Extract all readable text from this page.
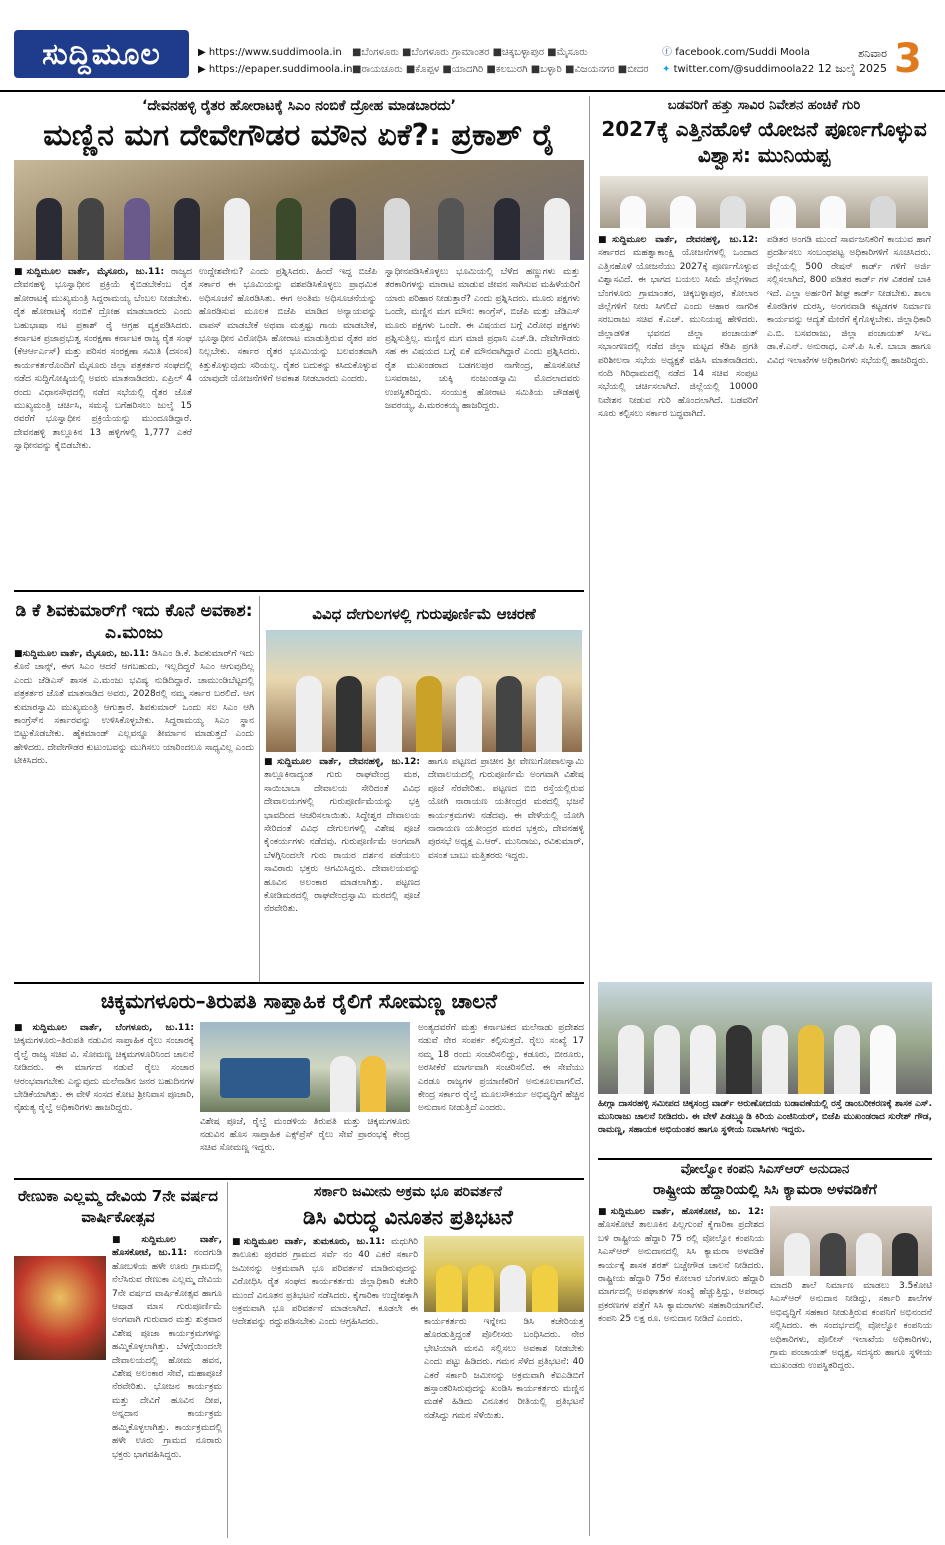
ಸುದ್ದಿಮೂಲ	▶ https://www.suddimoola.in
▶ https://epaper.suddimoola.in
■ಬೆಂಗಳೂರು ■ಬೆಂಗಳೂರು ಗ್ರಾಮಾಂತರ ■ಚಿಕ್ಕಬಳ್ಳಾಪುರ ■ಮೈಸೂರು
■ರಾಯಚೂರು ■ಕೊಪ್ಪಳ ■ಯಾದಗಿರಿ ■ಕಲಬುರಗಿ ■ಬಳ್ಳಾರಿ ■ವಿಜಯನಗರ ■ಬೀದರ
ⓕ facebook.com/Suddi Moola
✦ twitter.com/@suddimoola22
ಶನಿವಾರ
12 ಜುಲೈ 2025 3
‘ದೇವನಹಳ್ಳಿ ರೈತರ ಹೋರಾಟಕ್ಕೆ ಸಿಎಂ ನಂಬಿಕೆ ದ್ರೋಹ ಮಾಡಬಾರದು’
ಮಣ್ಣಿನ ಮಗ ದೇವೇಗೌಡರ ಮೌನ ಏಕೆ?: ಪ್ರಕಾಶ್ ರೈ
■ಸುದ್ದಿಮೂಲ ವಾರ್ತೆ, ಮೈಸೂರು, ಜು.11: ರಾಜ್ಯದ ದೇವನಹಳ್ಳಿ ಭೂಸ್ವಾಧೀನ ಪ್ರಕ್ರಿಯೆ ಕೈಬಿಡಬೇಕೆಂಬ ರೈತ ಹೋರಾಟಕ್ಕೆ ಮುಖ್ಯಮಂತ್ರಿ ಸಿದ್ದರಾಮಯ್ಯ ಬೆಂಬಲ ನೀಡಬೇಕು. ರೈತ ಹೋರಾಟಕ್ಕೆ ನಂಬಿಕೆ ದ್ರೋಹ ಮಾಡಬಾರದು ಎಂದು ಬಹುಭಾಷಾ ನಟ ಪ್ರಕಾಶ್ ರೈ ಆಗ್ರಹ ವ್ಯಕ್ತಪಡಿಸಿದರು. ಕರ್ನಾಟಕ ಪ್ರಜಾಪ್ರಭುತ್ವ ಸಂರಕ್ಷಣಾ ಕರ್ನಾಟಕ ರಾಜ್ಯ ರೈತ ಸಂಘ (ಕೆಆರ್ಆರ್ಎಸ್) ಮತ್ತು ಪರಿಸರ ಸಂರಕ್ಷಣಾ ಸಮಿತಿ (ದಸಂಸ) ಕಾರ್ಯಕರ್ತರೊಂದಿಗೆ ಮೈಸೂರು ಜಿಲ್ಲಾ ಪತ್ರಕರ್ತರ ಸಂಘದಲ್ಲಿ ನಡೆದ ಸುದ್ದಿಗೋಷ್ಠಿಯಲ್ಲಿ ಅವರು ಮಾತನಾಡಿದರು. ಏಪ್ರಿಲ್ 4 ರಂದು ವಿಧಾನಸೌಧದಲ್ಲಿ ನಡೆದ ಸಭೆಯಲ್ಲಿ ರೈತರ ಜೊತೆ ಮುಖ್ಯಮಂತ್ರಿ ಚರ್ಚಿಸಿ, ಸಮಸ್ಯೆ ಬಗೆಹರಿಸಲು ಜುಲೈ 15 ರವರೆಗೆ ಭೂಸ್ವಾಧೀನ ಪ್ರಕ್ರಿಯೆಯನ್ನು ಮುಂದೂಡಿದ್ದಾರೆ. ದೇವನಹಳ್ಳಿ ತಾಲ್ಲೂಕಿನ 13 ಹಳ್ಳಿಗಳಲ್ಲಿ 1,777 ಎಕರೆ ಸ್ವಾಧೀನವನ್ನು ಕೈಬಿಡಬೇಕು.
ಉದ್ದೇಶವೇನು? ಎಂದು ಪ್ರಶ್ನಿಸಿದರು. ಹಿಂದೆ ಇದ್ದ ಬಿಜೆಪಿ ಸರ್ಕಾರ ಈ ಭೂಮಿಯನ್ನು ವಶಪಡಿಸಿಕೊಳ್ಳಲು ಪ್ರಾಥಮಿಕ ಅಧಿಸೂಚನೆ ಹೊರಡಿಸಿತು. ಈಗ ಅಂತಿಮ ಅಧಿಸೂಚನೆಯನ್ನು ಹೊರಡಿಸುವ ಮೂಲಕ ಬಿಜೆಪಿ ಮಾಡಿದ ಅನ್ಯಾಯವನ್ನು ವಾಪಸ್ ಮಾಡಬೇಕೆ ಅಥವಾ ಮತ್ತಷ್ಟು ಗಾಯ ಮಾಡಬೇಕೆ, ಭೂಸ್ವಾಧೀನ ವಿರೋಧಿಸಿ ಹೋರಾಟ ಮಾಡುತ್ತಿರುವ ರೈತರ ಪರ ನಿಲ್ಲಬೇಕು. ಸರ್ಕಾರ ರೈತರ ಭೂಮಿಯನ್ನು ಬಲವಂತವಾಗಿ ಕಿತ್ತುಕೊಳ್ಳುವುದು ಸರಿಯಲ್ಲ. ರೈತರ ಬದುಕನ್ನು ಕಸಿದುಕೊಳ್ಳುವ ಯಾವುದೇ ಯೋಜನೆಗಳಿಗೆ ಅವಕಾಶ ನೀಡಬಾರದು ಎಂದರು.
ಸ್ವಾಧೀನಪಡಿಸಿಕೊಳ್ಳಲು ಭೂಮಿಯಲ್ಲಿ ಬೆಳೆದ ಹಣ್ಣುಗಳು ಮತ್ತು ತರಕಾರಿಗಳನ್ನು ಮಾರಾಟ ಮಾಡುವ ಜೀವನ ಸಾಗಿಸುವ ಮಹಿಳೆಯರಿಗೆ ಯಾರು ಪರಿಹಾರ ನೀಡುತ್ತಾರೆ? ಎಂದು ಪ್ರಶ್ನಿಸಿದರು. ಮೂರು ಪಕ್ಷಗಳು ಒಂದೇ, ಮಣ್ಣಿನ ಮಗ ಮೌನ: ಕಾಂಗ್ರೆಸ್, ಬಿಜೆಪಿ ಮತ್ತು ಜೆಡಿಎಸ್ ಮೂರು ಪಕ್ಷಗಳು ಒಂದೇ. ಈ ವಿಷಯದ ಬಗ್ಗೆ ವಿರೋಧ ಪಕ್ಷಗಳು ಪ್ರಶ್ನಿಸುತ್ತಿಲ್ಲ. ಮಣ್ಣಿನ ಮಗ ಮಾಜಿ ಪ್ರಧಾನಿ ಎಚ್.ಡಿ. ದೇವೇಗೌಡರು ಸಹ ಈ ವಿಷಯದ ಬಗ್ಗೆ ಏಕೆ ಮೌನವಾಗಿದ್ದಾರೆ ಎಂದು ಪ್ರಶ್ನಿಸಿದರು. ರೈತ ಮುಖಂಡರಾದ ಬಡಗಲಪುರ ನಾಗೇಂದ್ರ, ಹೊಸಕೋಟೆ ಬಸವರಾಜು, ಚುಕ್ಕಿ ನಂಜುಂಡಸ್ವಾಮಿ ಮೊದಲಾದವರು ಉಪಸ್ಥಿತರಿದ್ದರು. ಸಂಯುಕ್ತ ಹೋರಾಟ ಸಮಿತಿಯ ಚೌಡಹಳ್ಳಿ ಜವರಯ್ಯ, ಪಿ.ಮರಂಕಯ್ಯ ಹಾಜರಿದ್ದರು.
ಬಡವರಿಗೆ ಹತ್ತು ಸಾವಿರ ನಿವೇಶನ ಹಂಚಿಕೆ ಗುರಿ
2027ಕ್ಕೆ ಎತ್ತಿನಹೊಳೆ ಯೋಜನೆ ಪೂರ್ಣಗೊಳ್ಳುವ ವಿಶ್ವಾಸ: ಮುನಿಯಪ್ಪ
■ಸುದ್ದಿಮೂಲ ವಾರ್ತೆ, ದೇವನಹಳ್ಳಿ, ಜು.12: ಸರ್ಕಾರದ ಮಹತ್ವಾಕಾಂಕ್ಷಿ ಯೋಜನೆಗಳಲ್ಲಿ ಒಂದಾದ ಎತ್ತಿನಹೊಳೆ ಯೋಜನೆಯು 2027ಕ್ಕೆ ಪೂರ್ಣಗೊಳ್ಳುವ ವಿಶ್ವಾಸವಿದೆ. ಈ ಭಾಗದ ಬಯಲು ಸೀಮೆ ಜಿಲ್ಲೆಗಳಾದ ಬೆಂಗಳೂರು ಗ್ರಾಮಾಂತರ, ಚಿಕ್ಕಬಳ್ಳಾಪುರ, ಕೋಲಾರ ಜಿಲ್ಲೆಗಳಿಗೆ ನೀರು ಸಿಗಲಿದೆ ಎಂದು ಆಹಾರ ನಾಗರಿಕ ಸರಬರಾಜು ಸಚಿವ ಕೆ.ಎಚ್. ಮುನಿಯಪ್ಪ ಹೇಳಿದರು. ಜಿಲ್ಲಾಡಳಿತ ಭವನದ ಜಿಲ್ಲಾ ಪಂಚಾಯತ್ ಸಭಾಂಗಣದಲ್ಲಿ ನಡೆದ ಜಿಲ್ಲಾ ಮಟ್ಟದ ಕೆಡಿಪಿ ಪ್ರಗತಿ ಪರಿಶೀಲನಾ ಸಭೆಯ ಅಧ್ಯಕ್ಷತೆ ವಹಿಸಿ ಮಾತನಾಡಿದರು. ನಂದಿ ಗಿರಿಧಾಮದಲ್ಲಿ ನಡೆದ 14 ಸಚಿವ ಸಂಪುಟ ಸಭೆಯಲ್ಲಿ ಚರ್ಚಿಸಲಾಗಿದೆ. ಜಿಲ್ಲೆಯಲ್ಲಿ 10000 ನಿವೇಶನ ನೀಡುವ ಗುರಿ ಹೊಂದಲಾಗಿದೆ. ಬಡವರಿಗೆ ಸೂರು ಕಲ್ಪಿಸಲು ಸರ್ಕಾರ ಬದ್ಧವಾಗಿದೆ.
ಪಡಿತರ ಅಂಗಡಿ ಮುಂದೆ ಸಾರ್ವಜನಿಕರಿಗೆ ಕಾಯುವ ಹಾಗೆ ಪ್ರದರ್ಶಿಸಲು ಸಂಬಂಧಪಟ್ಟ ಅಧಿಕಾರಿಗಳಿಗೆ ಸೂಚಿಸಿದರು. ಜಿಲ್ಲೆಯಲ್ಲಿ 500 ರೇಷನ್ ಕಾರ್ಡ್ ಗಳಿಗೆ ಅರ್ಜಿ ಸಲ್ಲಿಸಲಾಗಿದೆ, 800 ಪಡಿತರ ಕಾರ್ಡ್ ಗಳ ವಿತರಣೆ ಬಾಕಿ ಇದೆ. ಎಲ್ಲಾ ಅರ್ಹರಿಗೆ ಶೀಘ್ರ ಕಾರ್ಡ್ ನೀಡಬೇಕು. ಶಾಲಾ ಕೊಠಡಿಗಳ ದುರಸ್ತಿ, ಅಂಗನವಾಡಿ ಕಟ್ಟಡಗಳ ನಿರ್ಮಾಣ ಕಾರ್ಯವನ್ನು ಆದ್ಯತೆ ಮೇರೆಗೆ ಕೈಗೊಳ್ಳಬೇಕು. ಜಿಲ್ಲಾಧಿಕಾರಿ ಎ.ಬಿ. ಬಸವರಾಜು, ಜಿಲ್ಲಾ ಪಂಚಾಯತ್ ಸಿಇಒ ಡಾ.ಕೆ.ಎನ್. ಅನುರಾಧ, ಎಸ್.ಪಿ ಸಿ.ಕೆ. ಬಾಬಾ ಹಾಗೂ ವಿವಿಧ ಇಲಾಖೆಗಳ ಅಧಿಕಾರಿಗಳು ಸಭೆಯಲ್ಲಿ ಹಾಜರಿದ್ದರು.
ಡಿ ಕೆ ಶಿವಕುಮಾರ್‌ಗೆ ಇದು ಕೊನೆ ಅವಕಾಶ: ಎ.ಮಂಜು
■ಸುದ್ದಿಮೂಲ ವಾರ್ತೆ, ಮೈಸೂರು, ಜು.11: ಡಿಸಿಎಂ ಡಿ.ಕೆ. ಶಿವಕುಮಾರ್‌ಗೆ ಇದು ಕೊನೆ ಚಾನ್ಸ್, ಈಗ ಸಿಎಂ ಆದರೆ ಆಗಬಹುದು, ಇಲ್ಲದಿದ್ದರೆ ಸಿಎಂ ಆಗುವುದಿಲ್ಲ ಎಂದು ಜೆಡಿಎಸ್ ಶಾಸಕ ಎ.ಮಂಜು ಭವಿಷ್ಯ ನುಡಿದಿದ್ದಾರೆ. ಚಾಮುಂಡಿಬೆಟ್ಟದಲ್ಲಿ ಪತ್ರಕರ್ತರ ಜೊತೆ ಮಾತನಾಡಿದ ಅವರು, 2028ರಲ್ಲಿ ನಮ್ಮ ಸರ್ಕಾರ ಬರಲಿದೆ. ಆಗ ಕುಮಾರಸ್ವಾಮಿ ಮುಖ್ಯಮಂತ್ರಿ ಆಗುತ್ತಾರೆ. ಶಿವಕುಮಾರ್ ಒಂದು ಸಲ ಸಿಎಂ ಆಗಿ ಕಾಂಗ್ರೆಸ್‌ನ ಸರ್ಕಾರವನ್ನು ಉಳಿಸಿಕೊಳ್ಳಬೇಕು. ಸಿದ್ದರಾಮಯ್ಯ ಸಿಎಂ ಸ್ಥಾನ ಬಿಟ್ಟುಕೊಡಬೇಕು. ಹೈಕಮಾಂಡ್ ಎಲ್ಲವನ್ನೂ ತೀರ್ಮಾನ ಮಾಡುತ್ತದೆ ಎಂದು ಹೇಳಿದರು. ದೇವೇಗೌಡರ ಕುಟುಂಬವನ್ನು ಮುಗಿಸಲು ಯಾರಿಂದಲೂ ಸಾಧ್ಯವಿಲ್ಲ ಎಂದು ಟೀಕಿಸಿದರು.
ವಿವಿಧ ದೇಗುಲಗಳಲ್ಲಿ ಗುರುಪೂರ್ಣಿಮೆ ಆಚರಣೆ
■ಸುದ್ದಿಮೂಲ ವಾರ್ತೆ, ದೇವನಹಳ್ಳಿ, ಜು.12: ತಾಲ್ಲೂಕಿನಾದ್ಯಂತ ಗುರು ರಾಘವೇಂದ್ರ ಮಠ, ಸಾಯಿಬಾಬಾ ದೇವಾಲಯ ಸೇರಿದಂತೆ ವಿವಿಧ ದೇವಾಲಯಗಳಲ್ಲಿ ಗುರುಪೂರ್ಣಿಮೆಯನ್ನು ಭಕ್ತಿ ಭಾವದಿಂದ ಆಚರಿಸಲಾಯಿತು. ಸಿದ್ಧೇಶ್ವರ ದೇವಾಲಯ ಸೇರಿದಂತೆ ವಿವಿಧ ದೇಗುಲಗಳಲ್ಲಿ ವಿಶೇಷ ಪೂಜೆ ಕೈಂಕರ್ಯಗಳು ನಡೆದವು. ಗುರುಪೂರ್ಣಿಮೆ ಅಂಗವಾಗಿ ಬೆಳಗ್ಗಿನಿಂದಲೇ ಗುರು ರಾಯರ ದರ್ಶನ ಪಡೆಯಲು ಸಾವಿರಾರು ಭಕ್ತರು ಆಗಮಿಸಿದ್ದರು. ದೇವಾಲಯವನ್ನು ಹೂವಿನ ಅಲಂಕಾರ ಮಾಡಲಾಗಿತ್ತು. ಪಟ್ಟಣದ ಕೋಡಿಮಠದಲ್ಲಿ ರಾಘವೇಂದ್ರಸ್ವಾಮಿ ಮಠದಲ್ಲಿ ಪೂಜೆ ನೆರವೇರಿತು.
ಹಾಗೂ ಪಟ್ಟಣದ ಪ್ರಾಚೀನ ಶ್ರೀ ವೇಣುಗೋಪಾಲಸ್ವಾಮಿ ದೇವಾಲಯದಲ್ಲಿ ಗುರುಪೂರ್ಣಿಮೆ ಅಂಗವಾಗಿ ವಿಶೇಷ ಪೂಜೆ ನೆರವೇರಿತು. ಪಟ್ಟಣದ ಬಿಬಿ ರಸ್ತೆಯಲ್ಲಿರುವ ಯೋಗಿ ನಾರಾಯಣ ಯತೀಂದ್ರರ ಮಠದಲ್ಲಿ ಭಜನೆ ಕಾರ್ಯಕ್ರಮಗಳು ನಡೆದವು. ಈ ವೇಳೆಯಲ್ಲಿ ಯೋಗಿ ನಾರಾಯಣ ಯತೀಂದ್ರರ ಮಠದ ಭಕ್ತರು, ದೇವನಹಳ್ಳಿ ಪುರಸಭೆ ಅಧ್ಯಕ್ಷ ಎ.ಆರ್. ಮುನಿರಾಜು, ರವಿಕುಮಾರ್, ವಸಂತ ಬಾಬು ಮತ್ತಿತರರು ಇದ್ದರು.
ಚಿಕ್ಕಮಗಳೂರು–ತಿರುಪತಿ ಸಾಪ್ತಾಹಿಕ ರೈಲಿಗೆ ಸೋಮಣ್ಣ ಚಾಲನೆ
■ಸುದ್ದಿಮೂಲ ವಾರ್ತೆ, ಬೆಂಗಳೂರು, ಜು.11: ಚಿಕ್ಕಮಗಳೂರು–ತಿರುಪತಿ ನಡುವಿನ ಸಾಪ್ತಾಹಿಕ ರೈಲು ಸಂಚಾರಕ್ಕೆ ರೈಲ್ವೆ ರಾಜ್ಯ ಸಚಿವ ವಿ. ಸೋಮಣ್ಣ ಚಿಕ್ಕಮಗಳೂರಿನಿಂದ ಚಾಲನೆ ನೀಡಿದರು. ಈ ಮಾರ್ಗದ ನಡುವೆ ರೈಲು ಸಂಚಾರ ಆರಂಭವಾಗಬೇಕು ಎನ್ನುವುದು ಮಲೆನಾಡಿನ ಜನರ ಬಹುದಿನಗಳ ಬೇಡಿಕೆಯಾಗಿತ್ತು. ಈ ವೇಳೆ ಸಂಸದ ಕೋಟ ಶ್ರೀನಿವಾಸ ಪೂಜಾರಿ, ನೈಋತ್ಯ ರೈಲ್ವೆ ಅಧಿಕಾರಿಗಳು ಹಾಜರಿದ್ದರು.
ವಿಶೇಷ ಪೂಜೆ, ರೈಲ್ವೆ ಮಂಡಳಿಯ ತಿರುಪತಿ ಮತ್ತು ಚಿಕ್ಕಮಗಳೂರು ನಡುವಿನ ಹೊಸ ಸಾಪ್ತಾಹಿಕ ಎಕ್ಸ್‌ಪ್ರೆಸ್ ರೈಲು ಸೇವೆ ಪ್ರಾರಂಭಕ್ಕೆ ಕೇಂದ್ರ ಸಚಿವ ಸೋಮಣ್ಣ ಇದ್ದರು.
ಅಂತ್ಯದವರೆಗೆ ಮತ್ತು ಕರ್ನಾಟಕದ ಮಲೆನಾಡು ಪ್ರದೇಶದ ನಡುವೆ ನೇರ ಸಂಪರ್ಕ ಕಲ್ಪಿಸುತ್ತದೆ. ರೈಲು ಸಂಖ್ಯೆ 17 ನಮ್ಮ 18 ರಂದು ಸಂಚರಿಸಲಿದ್ದು, ಕಡೂರು, ಬೀರೂರು, ಅರಸೀಕೆರೆ ಮಾರ್ಗವಾಗಿ ಸಂಚರಿಸಲಿದೆ. ಈ ಸೇವೆಯು ಎರಡೂ ರಾಜ್ಯಗಳ ಪ್ರಯಾಣಿಕರಿಗೆ ಅನುಕೂಲವಾಗಲಿದೆ. ಕೇಂದ್ರ ಸರ್ಕಾರ ರೈಲ್ವೆ ಮೂಲಸೌಕರ್ಯ ಅಭಿವೃದ್ಧಿಗೆ ಹೆಚ್ಚಿನ ಅನುದಾನ ನೀಡುತ್ತಿದೆ ಎಂದರು.	ಹೀಗ್ಗಾ ದಾಸರಹಳ್ಳಿ ಸಮೀಪದ ಚಿಕ್ಕಸಂದ್ರ ವಾರ್ಡ್ ಅರುಣೋದಯ ಬಡಾವಣೆಯಲ್ಲಿ ರಸ್ತೆ ಡಾಂಬರೀಕರಣಕ್ಕೆ ಶಾಸಕ ಎಸ್. ಮುನಿರಾಜು ಚಾಲನೆ ನೀಡಿದರು. ಈ ವೇಳೆ ಪಿಡಬ್ಲ್ಯೂಡಿ ಕಿರಿಯ ಎಂಜಿನಿಯರ್, ಬಿಜೆಪಿ ಮುಖಂಡರಾದ ಸುರೇಶ್ ಗೌಡ, ರಾಮಣ್ಣ, ಸಹಾಯಕ ಅಭಿಯಂತರ ಹಾಗೂ ಸ್ಥಳೀಯ ನಿವಾಸಿಗಳು ಇದ್ದರು.
ವೋಲ್ವೋ ಕಂಪನಿ ಸಿಎಸ್ಆರ್ ಅನುದಾನ
ರಾಷ್ಟ್ರೀಯ ಹೆದ್ದಾರಿಯಲ್ಲಿ ಸಿಸಿ ಕ್ಯಾಮರಾ ಅಳವಡಿಕೆಗೆ
■ಸುದ್ದಿಮೂಲ ವಾರ್ತೆ, ಹೊಸಕೋಟೆ, ಜು. 12: ಹೊಸಕೋಟೆ ತಾಲೂಕಿನ ಪಿಲ್ಲಗುಂಪೆ ಕೈಗಾರಿಕಾ ಪ್ರದೇಶದ ಬಳಿ ರಾಷ್ಟ್ರೀಯ ಹೆದ್ದಾರಿ 75 ರಲ್ಲಿ ವೋಲ್ವೋ ಕಂಪನಿಯ ಸಿಎಸ್ಆರ್ ಅನುದಾನದಲ್ಲಿ ಸಿಸಿ ಕ್ಯಾಮರಾ ಅಳವಡಿಕೆ ಕಾರ್ಯಕ್ಕೆ ಶಾಸಕ ಶರತ್ ಬಚ್ಚೇಗೌಡ ಚಾಲನೆ ನೀಡಿದರು. ರಾಷ್ಟ್ರೀಯ ಹೆದ್ದಾರಿ 75ರ ಕೋಲಾರ ಬೆಂಗಳೂರು ಹೆದ್ದಾರಿ ಮಾರ್ಗದಲ್ಲಿ ಅಪಘಾತಗಳ ಸಂಖ್ಯೆ ಹೆಚ್ಚುತ್ತಿದ್ದು, ಅಪರಾಧ ಪ್ರಕರಣಗಳ ಪತ್ತೆಗೆ ಸಿಸಿ ಕ್ಯಾಮರಾಗಳು ಸಹಕಾರಿಯಾಗಲಿವೆ. ಕಂಪನಿ 25 ಲಕ್ಷ ರೂ. ಅನುದಾನ ನೀಡಿದೆ ಎಂದರು.
ಮಾದರಿ ಶಾಲೆ ನಿರ್ಮಾಣ ಮಾಡಲು 3.5ಕೋಟಿ ಸಿಎಸ್ಆರ್ ಅನುದಾನ ನೀಡಿದ್ದು, ಸರ್ಕಾರಿ ಶಾಲೆಗಳ ಅಭಿವೃದ್ಧಿಗೆ ಸಹಕಾರ ನೀಡುತ್ತಿರುವ ಕಂಪನಿಗೆ ಅಭಿನಂದನೆ ಸಲ್ಲಿಸಿದರು. ಈ ಸಂದರ್ಭದಲ್ಲಿ ವೋಲ್ವೋ ಕಂಪನಿಯ ಅಧಿಕಾರಿಗಳು, ಪೊಲೀಸ್ ಇಲಾಖೆಯ ಅಧಿಕಾರಿಗಳು, ಗ್ರಾಮ ಪಂಚಾಯತ್ ಅಧ್ಯಕ್ಷ, ಸದಸ್ಯರು ಹಾಗೂ ಸ್ಥಳೀಯ ಮುಖಂಡರು ಉಪಸ್ಥಿತರಿದ್ದರು.
ರೇಣುಕಾ ಎಲ್ಲಮ್ಮ ದೇವಿಯ 7ನೇ ವರ್ಷದ ವಾರ್ಷಿಕೋತ್ಸವ
■ಸುದ್ದಿಮೂಲ ವಾರ್ತೆ, ಹೊಸಕೋಟೆ, ಜು.11: ನಂದಗುಡಿ ಹೋಬಳಿಯ ಹಳೇ ಊರು ಗ್ರಾಮದಲ್ಲಿ ನೆಲೆಸಿರುವ ರೇಣುಕಾ ಎಲ್ಲಮ್ಮ ದೇವಿಯ 7ನೇ ವರ್ಷದ ವಾರ್ಷಿಕೋತ್ಸವ ಹಾಗೂ ಆಷಾಡ ಮಾಸ ಗುರುಪೂರ್ಣಿಮೆ ಅಂಗವಾಗಿ ಗುರುವಾರ ಮತ್ತು ಶುಕ್ರವಾರ ವಿಶೇಷ ಪೂಜಾ ಕಾರ್ಯಕ್ರಮಗಳನ್ನು ಹಮ್ಮಿಕೊಳ್ಳಲಾಗಿತ್ತು. ಬೆಳಗ್ಗೆಯಿಂದಲೇ ದೇವಾಲಯದಲ್ಲಿ ಹೋಮ ಹವನ, ವಿಶೇಷ ಅಲಂಕಾರ ಸೇವೆ, ಮಹಾಪೂಜೆ ನೆರವೇರಿತು. ಭೋಜನ ಕಾರ್ಯಕ್ರಮ ಮತ್ತು ದೇವಿಗೆ ಹೂವಿನ ದೀಪ, ಅನ್ನದಾನ ಕಾರ್ಯಕ್ರಮ ಹಮ್ಮಿಕೊಳ್ಳಲಾಗಿತ್ತು. ಕಾರ್ಯಕ್ರಮದಲ್ಲಿ ಹಳೇ ಊರು ಗ್ರಾಮದ ನೂರಾರು ಭಕ್ತರು ಭಾಗವಹಿಸಿದ್ದರು.
ಸರ್ಕಾರಿ ಜಮೀನು ಅಕ್ರಮ ಭೂ ಪರಿವರ್ತನೆ
ಡಿಸಿ ವಿರುದ್ಧ ವಿನೂತನ ಪ್ರತಿಭಟನೆ
■ಸುದ್ದಿಮೂಲ ವಾರ್ತೆ, ತುಮಕೂರು, ಜು.11: ಮಧುಗಿರಿ ತಾಲೂಕು ಪುರವರ ಗ್ರಾಮದ ಸರ್ವೆ ನಂ 40 ಎಕರೆ ಸರ್ಕಾರಿ ಜಮೀನನ್ನು ಅಕ್ರಮವಾಗಿ ಭೂ ಪರಿವರ್ತನೆ ಮಾಡಿರುವುದನ್ನು ವಿರೋಧಿಸಿ ರೈತ ಸಂಘದ ಕಾರ್ಯಕರ್ತರು ಜಿಲ್ಲಾಧಿಕಾರಿ ಕಚೇರಿ ಮುಂದೆ ವಿನೂತನ ಪ್ರತಿಭಟನೆ ನಡೆಸಿದರು. ಕೈಗಾರಿಕಾ ಉದ್ದೇಶಕ್ಕಾಗಿ ಅಕ್ರಮವಾಗಿ ಭೂ ಪರಿವರ್ತನೆ ಮಾಡಲಾಗಿದೆ. ಕೂಡಲೇ ಈ ಆದೇಶವನ್ನು ರದ್ದುಪಡಿಸಬೇಕು ಎಂದು ಆಗ್ರಹಿಸಿದರು.	ಕಾರ್ಯಕರ್ತರು ಇನ್ನೇನು ಡಿಸಿ ಕಚೇರಿಯತ್ತ ಹೊರಡುತ್ತಿದ್ದಂತೆ ಪೊಲೀಸರು ಬಂಧಿಸಿದರು. ನೇರ ಭೇಟಿಯಾಗಿ ಮನವಿ ಸಲ್ಲಿಸಲು ಅವಕಾಶ ನೀಡಬೇಕು ಎಂದು ಪಟ್ಟು ಹಿಡಿದರು. ಗಮನ ಸೆಳೆದ ಪ್ರತಿಭಟನೆ: 40 ಎಕರೆ ಸರ್ಕಾರಿ ಜಮೀನನ್ನು ಅಕ್ರಮವಾಗಿ ಕೆಐಎಡಿಬಿಗೆ ಹಸ್ತಾಂತರಿಸಿರುವುದನ್ನು ಖಂಡಿಸಿ ಕಾರ್ಯಕರ್ತರು ಮಣ್ಣಿನ ಮಡಕೆ ಹಿಡಿದು ವಿನೂತನ ರೀತಿಯಲ್ಲಿ ಪ್ರತಿಭಟನೆ ನಡೆಸಿದ್ದು ಗಮನ ಸೆಳೆಯಿತು.
